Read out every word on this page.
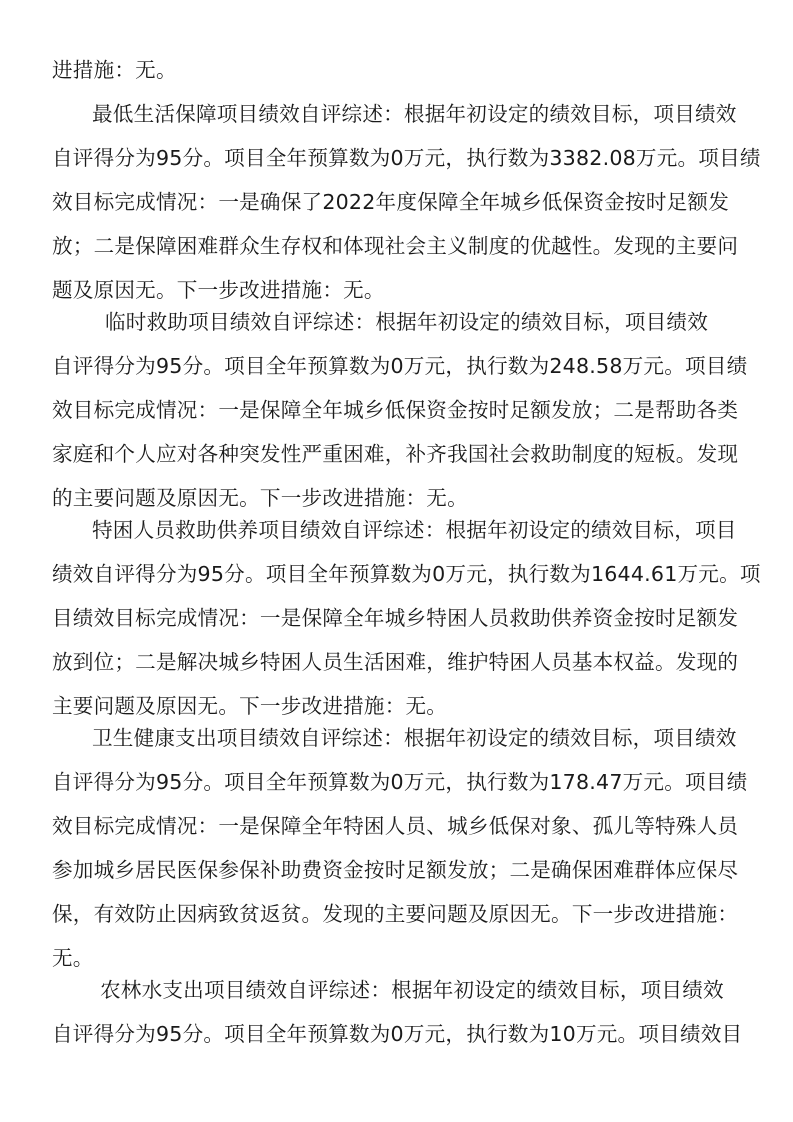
进措施：无。
最低生活保障项目绩效自评综述：根据年初设定的绩效目标，项目绩效
自评得分为95分。项目全年预算数为0万元，执行数为3382.08万元。项目绩
效目标完成情况：一是确保了2022年度保障全年城乡低保资金按时足额发
放；二是保障困难群众生存权和体现社会主义制度的优越性。发现的主要问
题及原因无。下一步改进措施：无。
临时救助项目绩效自评综述：根据年初设定的绩效目标，项目绩效
自评得分为95分。项目全年预算数为0万元，执行数为248.58万元。项目绩
效目标完成情况：一是保障全年城乡低保资金按时足额发放；二是帮助各类
家庭和个人应对各种突发性严重困难，补齐我国社会救助制度的短板。发现
的主要问题及原因无。下一步改进措施：无。
特困人员救助供养项目绩效自评综述：根据年初设定的绩效目标，项目
绩效自评得分为95分。项目全年预算数为0万元，执行数为1644.61万元。项
目绩效目标完成情况：一是保障全年城乡特困人员救助供养资金按时足额发
放到位；二是解决城乡特困人员生活困难，维护特困人员基本权益。发现的
主要问题及原因无。下一步改进措施：无。
卫生健康支出项目绩效自评综述：根据年初设定的绩效目标，项目绩效
自评得分为95分。项目全年预算数为0万元，执行数为178.47万元。项目绩
效目标完成情况：一是保障全年特困人员、城乡低保对象、孤儿等特殊人员
参加城乡居民医保参保补助费资金按时足额发放；二是确保困难群体应保尽
保，有效防止因病致贫返贫。发现的主要问题及原因无。下一步改进措施：
无。
农林水支出项目绩效自评综述：根据年初设定的绩效目标，项目绩效
自评得分为95分。项目全年预算数为0万元，执行数为10万元。项目绩效目
